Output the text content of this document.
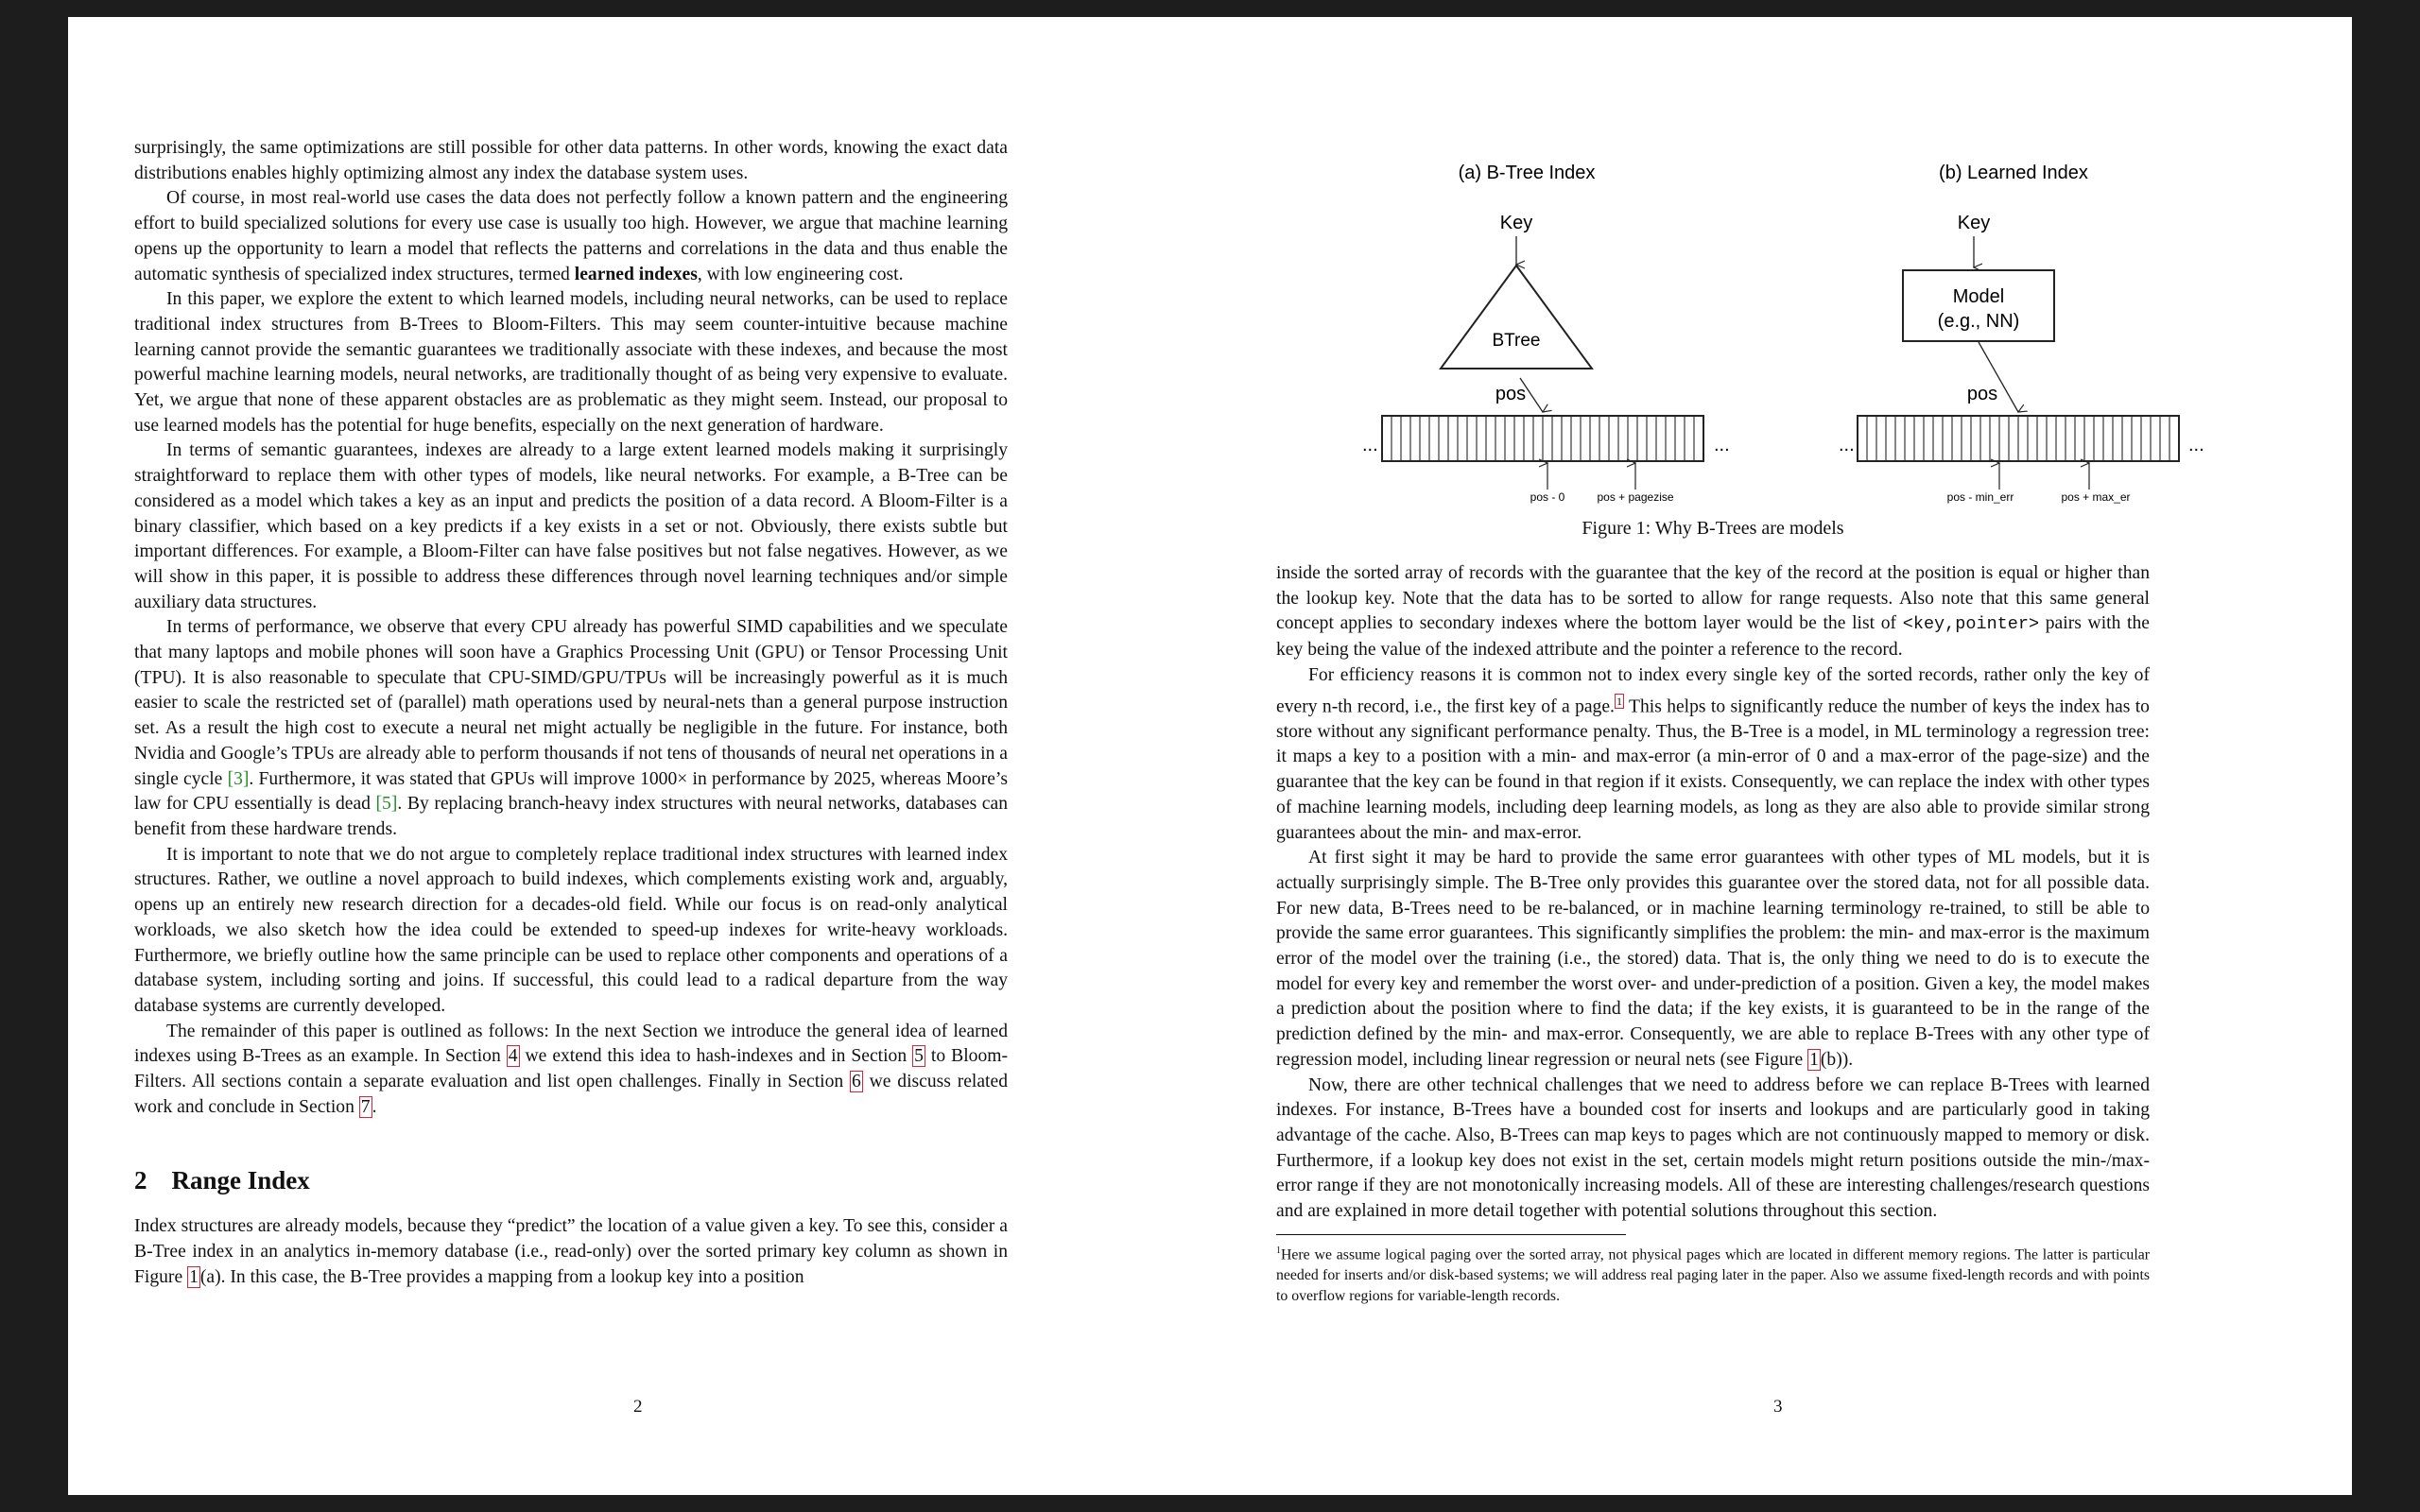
surprisingly, the same optimizations are still possible for other data patterns. In other words, knowing the exact data distributions enables highly optimizing almost any index the database system uses.

Of course, in most real-world use cases the data does not perfectly follow a known pattern and the engineering effort to build specialized solutions for every use case is usually too high. However, we argue that machine learning opens up the opportunity to learn a model that reflects the patterns and correlations in the data and thus enable the automatic synthesis of specialized index structures, termed learned indexes, with low engineering cost.

In this paper, we explore the extent to which learned models, including neural networks, can be used to replace traditional index structures from B-Trees to Bloom-Filters. This may seem counter-intuitive because machine learning cannot provide the semantic guarantees we traditionally associate with these indexes, and because the most powerful machine learning models, neural networks, are traditionally thought of as being very expensive to evaluate. Yet, we argue that none of these apparent obstacles are as problematic as they might seem. Instead, our proposal to use learned models has the potential for huge benefits, especially on the next generation of hardware.

In terms of semantic guarantees, indexes are already to a large extent learned models making it surprisingly straightforward to replace them with other types of models, like neural networks. For example, a B-Tree can be considered as a model which takes a key as an input and predicts the position of a data record. A Bloom-Filter is a binary classifier, which based on a key predicts if a key exists in a set or not. Obviously, there exists subtle but important differences. For example, a Bloom-Filter can have false positives but not false negatives. However, as we will show in this paper, it is possible to address these differences through novel learning techniques and/or simple auxiliary data structures.

In terms of performance, we observe that every CPU already has powerful SIMD capabilities and we speculate that many laptops and mobile phones will soon have a Graphics Processing Unit (GPU) or Tensor Processing Unit (TPU). It is also reasonable to speculate that CPU-SIMD/GPU/TPUs will be increasingly powerful as it is much easier to scale the restricted set of (parallel) math operations used by neural-nets than a general purpose instruction set. As a result the high cost to execute a neural net might actually be negligible in the future. For instance, both Nvidia and Google’s TPUs are already able to perform thousands if not tens of thousands of neural net operations in a single cycle [3]. Furthermore, it was stated that GPUs will improve 1000× in performance by 2025, whereas Moore’s law for CPU essentially is dead [5]. By replacing branch-heavy index structures with neural networks, databases can benefit from these hardware trends.

It is important to note that we do not argue to completely replace traditional index structures with learned index structures. Rather, we outline a novel approach to build indexes, which complements existing work and, arguably, opens up an entirely new research direction for a decades-old field. While our focus is on read-only analytical workloads, we also sketch how the idea could be extended to speed-up indexes for write-heavy workloads. Furthermore, we briefly outline how the same principle can be used to replace other components and operations of a database system, including sorting and joins. If successful, this could lead to a radical departure from the way database systems are currently developed.

The remainder of this paper is outlined as follows: In the next Section we introduce the general idea of learned indexes using B-Trees as an example. In Section 4 we extend this idea to hash-indexes and in Section 5 to Bloom-Filters. All sections contain a separate evaluation and list open challenges. Finally in Section 6 we discuss related work and conclude in Section 7 .

2 Range Index

Index structures are already models, because they “predict” the location of a value given a key. To see this, consider a B-Tree index in an analytics in-memory database (i.e., read-only) over the sorted primary key column as shown in Figure 1 (a). In this case, the B-Tree provides a mapping from a lookup key into a position

2
(a) B-Tree Index
Key
BTree
pos
...	...
pos - 0	pos + pagezise
(b) Learned Index
Key
Model
(e.g., NN)
pos
...	...
pos - min_err	pos + max_er
Figure 1: Why B-Trees are models

inside the sorted array of records with the guarantee that the key of the record at the position is equal or higher than the lookup key. Note that the data has to be sorted to allow for range requests. Also note that this same general concept applies to secondary indexes where the bottom layer would be the list of <key,pointer> pairs with the key being the value of the indexed attribute and the pointer a reference to the record.

For efficiency reasons it is common not to index every single key of the sorted records, rather only the key of every n-th record, i.e., the first key of a page. $^1$ This helps to significantly reduce the number of keys the index has to store without any significant performance penalty. Thus, the B-Tree is a model, in ML terminology a regression tree: it maps a key to a position with a min- and max-error (a min-error of 0 and a max-error of the page-size) and the guarantee that the key can be found in that region if it exists. Consequently, we can replace the index with other types of machine learning models, including deep learning models, as long as they are also able to provide similar strong guarantees about the min- and max-error.

At first sight it may be hard to provide the same error guarantees with other types of ML models, but it is actually surprisingly simple. The B-Tree only provides this guarantee over the stored data, not for all possible data. For new data, B-Trees need to be re-balanced, or in machine learning terminology re-trained, to still be able to provide the same error guarantees. This significantly simplifies the problem: the min- and max-error is the maximum error of the model over the training (i.e., the stored) data. That is, the only thing we need to do is to execute the model for every key and remember the worst over- and under-prediction of a position. Given a key, the model makes a prediction about the position where to find the data; if the key exists, it is guaranteed to be in the range of the prediction defined by the min- and max-error. Consequently, we are able to replace B-Trees with any other type of regression model, including linear regression or neural nets (see Figure 1 (b)).

Now, there are other technical challenges that we need to address before we can replace B-Trees with learned indexes. For instance, B-Trees have a bounded cost for inserts and lookups and are particularly good in taking advantage of the cache. Also, B-Trees can map keys to pages which are not continuously mapped to memory or disk. Furthermore, if a lookup key does not exist in the set, certain models might return positions outside the min-/max-error range if they are not monotonically increasing models. All of these are interesting challenges/research questions and are explained in more detail together with potential solutions throughout this section.

$^1$Here we assume logical paging over the sorted array, not physical pages which are located in different memory regions. The latter is particular needed for inserts and/or disk-based systems; we will address real paging later in the paper. Also we assume fixed-length records and with points to overflow regions for variable-length records.

3
